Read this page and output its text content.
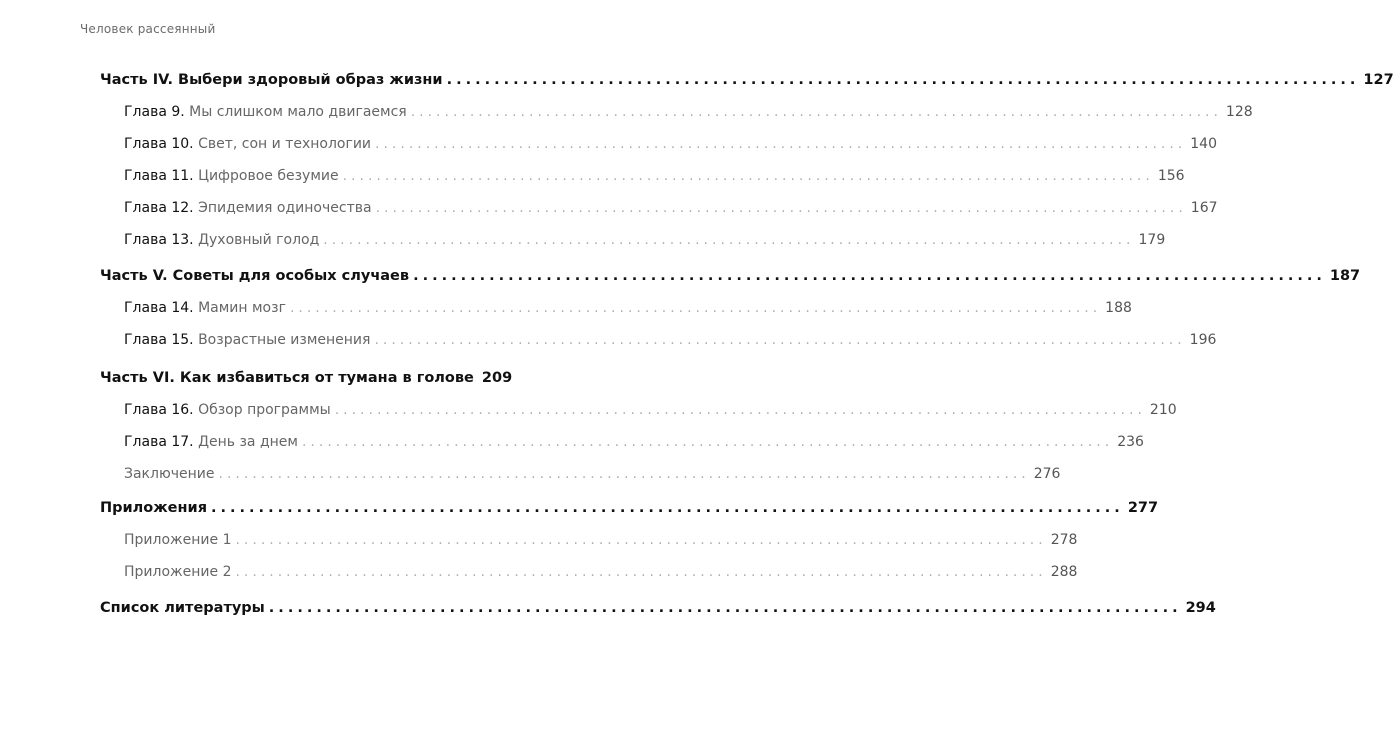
Человек рассеянный
Часть IV. Выбери здоровый образ жизни ................................................................................................ 127
Глава 9. Мы слишком мало двигаемся ................................................................................................ 128
Глава 10. Свет, сон и технологии ................................................................................................ 140
Глава 11. Цифровое безумие ................................................................................................ 156
Глава 12. Эпидемия одиночества ................................................................................................ 167
Глава 13. Духовный голод ................................................................................................ 179
Часть V. Советы для особых случаев ................................................................................................ 187
Глава 14. Мамин мозг ................................................................................................ 188
Глава 15. Возрастные изменения ................................................................................................ 196
Часть VI. Как избавиться от тумана в голове 209
Глава 16. Обзор программы ................................................................................................ 210
Глава 17. День за днем ................................................................................................ 236
Заключение ................................................................................................ 276
Приложения ................................................................................................ 277
Приложение 1 ................................................................................................ 278
Приложение 2 ................................................................................................ 288
Список литературы ................................................................................................ 294
